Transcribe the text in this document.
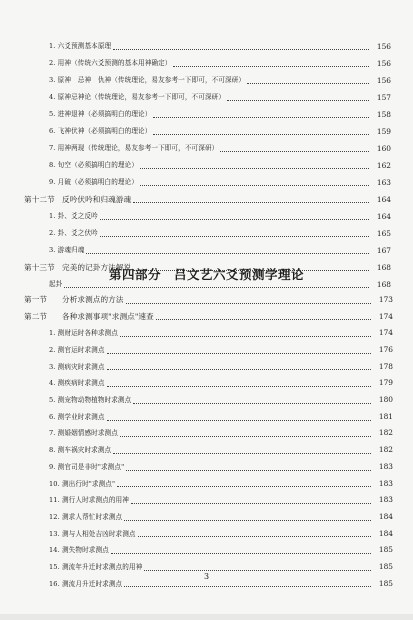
1. 六爻预测基本原理	156
2. 用神（传统六爻预测的基本用神确定）	156
3. 原神　忌神　仇神（传统理论，易友参考一下即可，不可深研）	156
4. 原神忌神论（传统理论，易友参考一下即可，不可深研）	157
5. 进神退神（必须搞明白的理论）	158
6. 飞神伏神（必须搞明白的理论）	159
7. 用神两现（传统理论，易友参考一下即可，不可深研）	160
8. 旬空（必须搞明白的理论）	162
9. 月破（必须搞明白的理论）	163
第十二节 反吟伏吟和归魂游魂	164
1. 卦、爻之反吟	164
2. 卦、爻之伏吟	165
3. 游魂归魂	167
第十三节 完美的记卦方法解说	168
起卦	168
第四部分　吕文艺六爻预测学理论
第一节 分析求测点的方法	173
第二节 各种求测事项"求测点"速查	174
1. 测财运时各种求测点	174
2. 测官运时求测点	176
3. 测病灾时求测点	178
4. 测疾病时求测点	179
5. 测宠物动物植物时求测点	180
6. 测学业时求测点	181
7. 测婚姻情感时求测点	182
8. 测车祸灾时求测点	182
9. 测官司是非时"求测点"	183
10. 测出行时"求测点"	183
11. 测行人时求测点的用神	183
12. 测求人帮忙时求测点	184
13. 测与人相处吉凶时求测点	184
14. 测失物时求测点	185
15. 测流年升迁时求测点的用神	185
16. 测流月升迁时求测点	185
3
